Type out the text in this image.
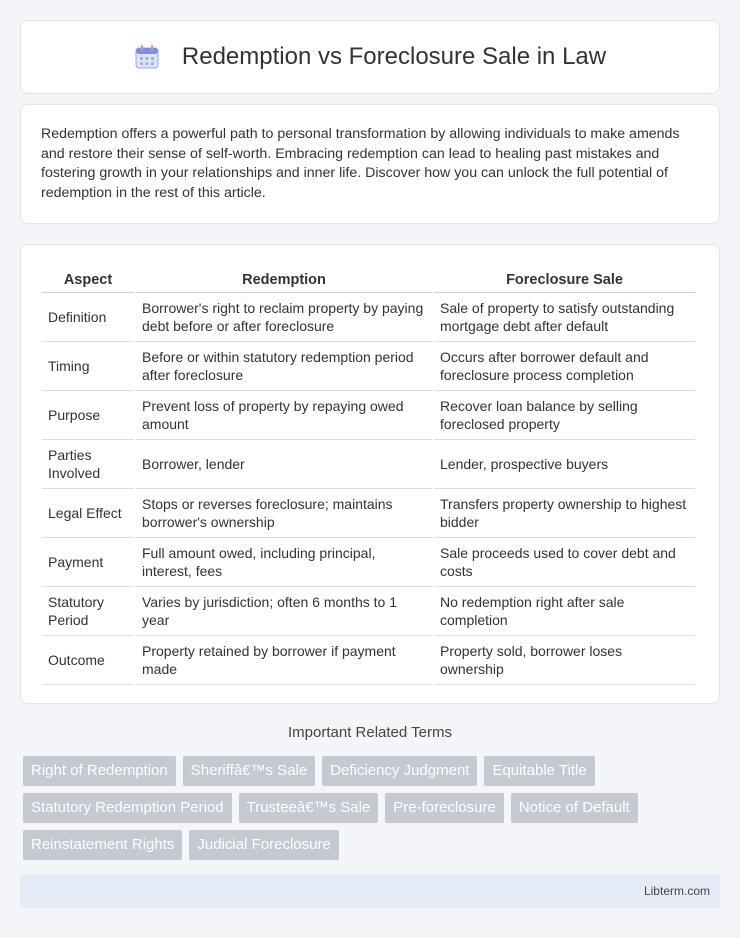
Redemption vs Foreclosure Sale in Law

Redemption offers a powerful path to personal transformation by allowing individuals to make amends and restore their sense of self-worth. Embracing redemption can lead to healing past mistakes and fostering growth in your relationships and inner life. Discover how you can unlock the full potential of redemption in the rest of this article.

Aspect	Redemption	Foreclosure Sale
Definition	Borrower's right to reclaim property by paying debt before or after foreclosure	Sale of property to satisfy outstanding mortgage debt after default
Timing	Before or within statutory redemption period after foreclosure	Occurs after borrower default and foreclosure process completion
Purpose	Prevent loss of property by repaying owed amount	Recover loan balance by selling foreclosed property
Parties Involved	Borrower, lender	Lender, prospective buyers
Legal Effect	Stops or reverses foreclosure; maintains borrower's ownership	Transfers property ownership to highest bidder
Payment	Full amount owed, including principal, interest, fees	Sale proceeds used to cover debt and costs
Statutory Period	Varies by jurisdiction; often 6 months to 1 year	No redemption right after sale completion
Outcome	Property retained by borrower if payment made	Property sold, borrower loses ownership
Important Related Terms
Right of Redemption	Sheriffâ€™s Sale	Deficiency Judgment	Equitable Title
Statutory Redemption Period	Trusteeâ€™s Sale	Pre-foreclosure	Notice of Default
Reinstatement Rights	Judicial Foreclosure
Libterm.com
